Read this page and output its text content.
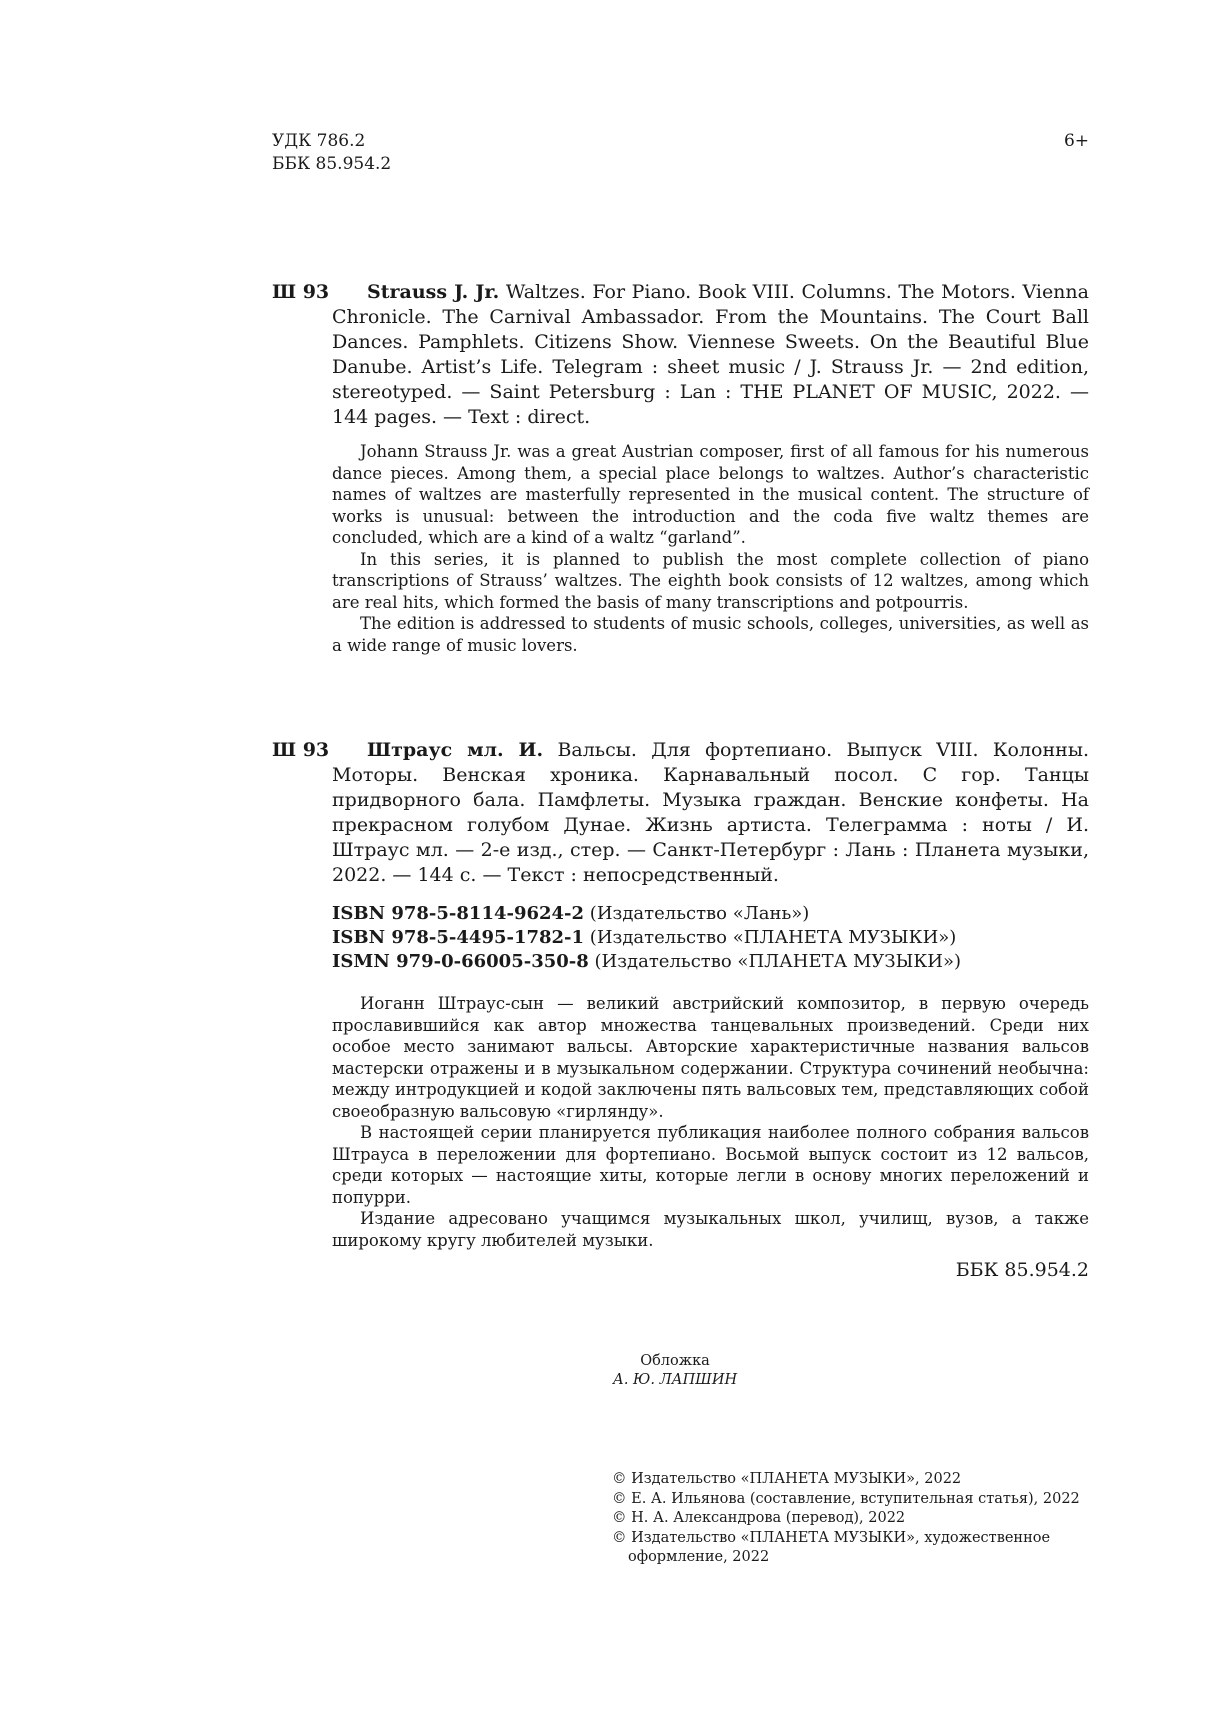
УДК 786.2
ББК 85.954.2
6+
Ш 93	Strauss J. Jr. Waltzes. For Piano. Book VIII. Columns. The Motors. Vienna Chronicle. The Carnival Ambassador. From the Mountains. The Court Ball Dances. Pamphlets. Citizens Show. Viennese Sweets. On the Beautiful Blue Danube. Artist’s Life. Telegram : sheet music / J. Strauss Jr. — 2nd edition, stereotyped. — Saint Petersburg : Lan : THE PLANET OF MUSIC, 2022. — 144 pages. — Text : direct.

Johann Strauss Jr. was a great Austrian composer, first of all famous for his numerous dance pieces. Among them, a special place belongs to waltzes. Author’s characteristic names of waltzes are masterfully represented in the musical content. The structure of works is unusual: between the introduction and the coda five waltz themes are concluded, which are a kind of a waltz “garland”.

In this series, it is planned to publish the most complete collection of piano transcriptions of Strauss’ waltzes. The eighth book consists of 12 waltzes, among which are real hits, which formed the basis of many transcriptions and potpourris.

The edition is addressed to students of music schools, colleges, universities, as well as a wide range of music lovers.

Ш 93	Штраус мл. И. Вальсы. Для фортепиано. Выпуск VIII. Колонны. Моторы. Венская хроника. Карнавальный посол. С гор. Танцы придворного бала. Памфлеты. Музыка граждан. Венские конфеты. На прекрасном голубом Дунае. Жизнь артиста. Телеграмма : ноты / И. Штраус мл. — 2-е изд., стер. — Санкт-Петербург : Лань : Планета музыки, 2022. — 144 с. — Текст : непосредственный.
ISBN 978-5-8114-9624-2 (Издательство «Лань»)
ISBN 978-5-4495-1782-1 (Издательство «ПЛАНЕТА МУЗЫКИ»)
ISMN 979-0-66005-350-8 (Издательство «ПЛАНЕТА МУЗЫКИ»)

Иоганн Штраус-сын — великий австрийский композитор, в первую очередь прославившийся как автор множества танцевальных произведений. Среди них особое место занимают вальсы. Авторские характеристичные названия вальсов мастерски отражены и в музыкальном содержании. Структура сочинений необычна: между интродукцией и кодой заключены пять вальсовых тем, представляющих собой своеобразную вальсовую «гирлянду».

В настоящей серии планируется публикация наиболее полного собрания вальсов Штрауса в переложении для фортепиано. Восьмой выпуск состоит из 12 вальсов, среди которых — настоящие хиты, которые легли в основу многих переложений и попурри.

Издание адресовано учащимся музыкальных школ, училищ, вузов, а также широкому кругу любителей музыки.

ББК 85.954.2
Обложка
А. Ю. ЛАПШИН
© Издательство «ПЛАНЕТА МУЗЫКИ», 2022
© Е. А. Ильянова (составление, вступительная статья), 2022
© Н. А. Александрова (перевод), 2022
© Издательство «ПЛАНЕТА МУЗЫКИ», художественное оформление, 2022
